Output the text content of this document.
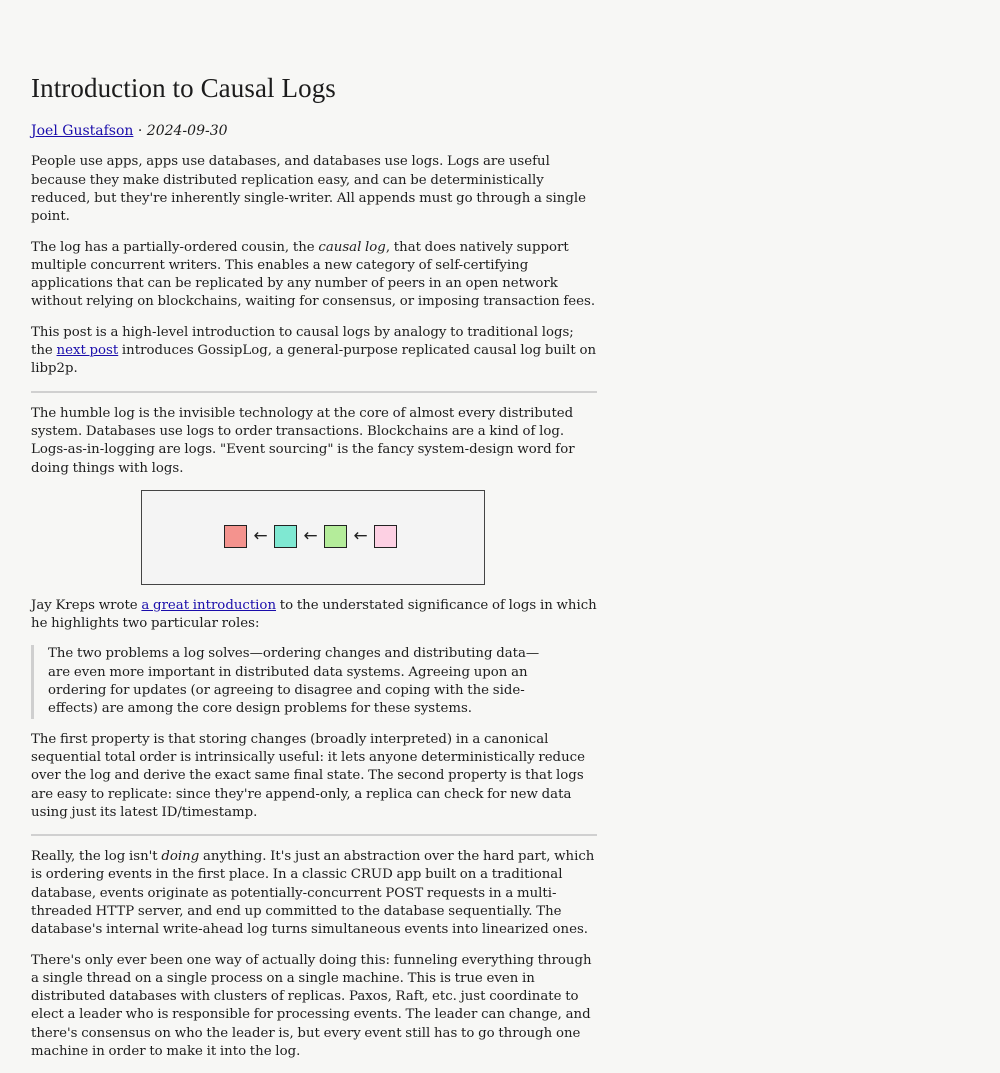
Introduction to Causal Logs
Joel Gustafson · 2024-09-30

People use apps, apps use databases, and databases use logs. Logs are useful because they make distributed replication easy, and can be deterministically reduced, but they're inherently single-writer. All appends must go through a single point.

The log has a partially-ordered cousin, the causal log, that does natively support multiple concurrent writers. This enables a new category of self-certifying applications that can be replicated by any number of peers in an open network without relying on blockchains, waiting for consensus, or imposing transaction fees.

This post is a high-level introduction to causal logs by analogy to traditional logs; the next post introduces GossipLog, a general-purpose replicated causal log built on libp2p.

The humble log is the invisible technology at the core of almost every distributed system. Databases use logs to order transactions. Blockchains are a kind of log. Logs-as-in-logging are logs. "Event sourcing" is the fancy system-design word for doing things with logs.

←	←	←

Jay Kreps wrote a great introduction to the understated significance of logs in which he highlights two particular roles:

The two problems a log solves—ordering changes and distributing data—are even more important in distributed data systems. Agreeing upon an ordering for updates (or agreeing to disagree and coping with the side-effects) are among the core design problems for these systems.

The first property is that storing changes (broadly interpreted) in a canonical sequential total order is intrinsically useful: it lets anyone deterministically reduce over the log and derive the exact same final state. The second property is that logs are easy to replicate: since they're append-only, a replica can check for new data using just its latest ID/timestamp.

Really, the log isn't doing anything. It's just an abstraction over the hard part, which is ordering events in the first place. In a classic CRUD app built on a traditional database, events originate as potentially-concurrent POST requests in a multi-threaded HTTP server, and end up committed to the database sequentially. The database's internal write-ahead log turns simultaneous events into linearized ones.

There's only ever been one way of actually doing this: funneling everything through a single thread on a single process on a single machine. This is true even in distributed databases with clusters of replicas. Paxos, Raft, etc. just coordinate to elect a leader who is responsible for processing events. The leader can change, and there's consensus on who the leader is, but every event still has to go through one machine in order to make it into the log.
